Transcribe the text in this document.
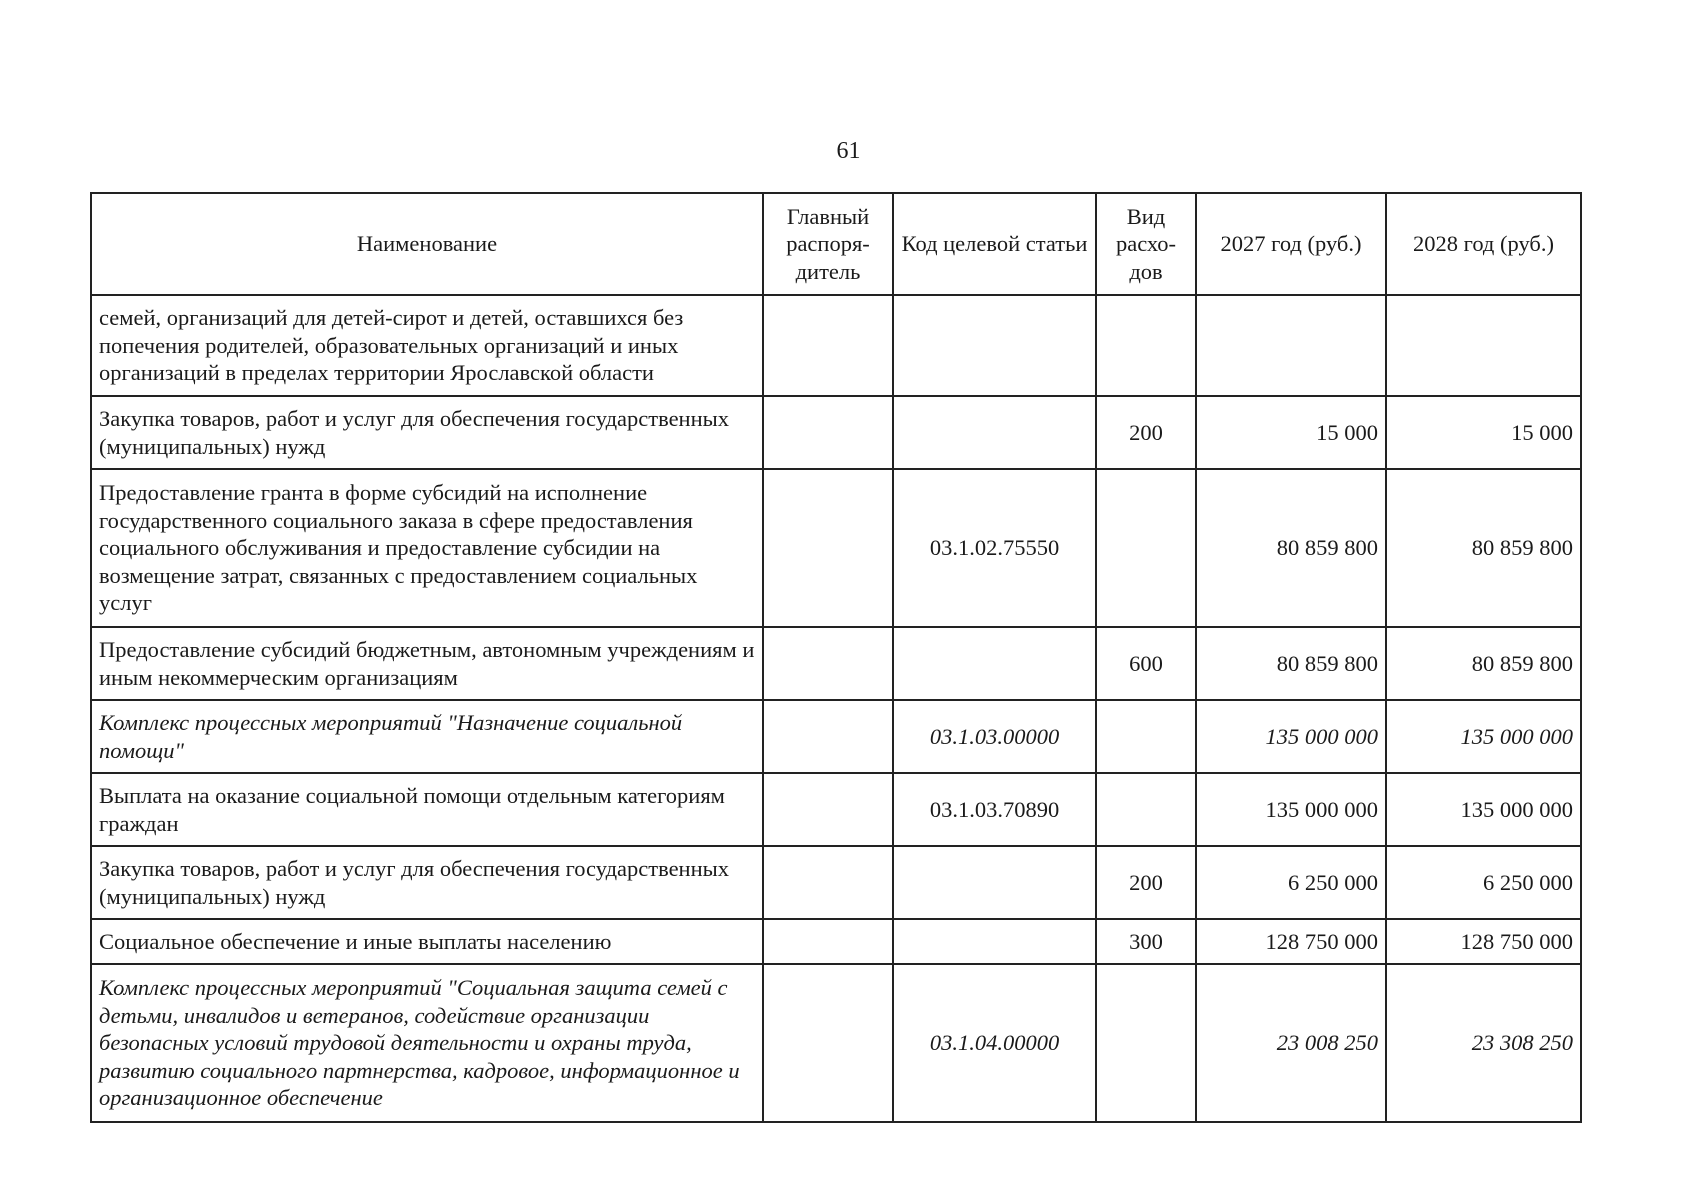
61
Наименование	Главный распоря-дитель	Код целевой статьи	Вид расхо-дов	2027 год (руб.)	2028 год (руб.)
семей, организаций для детей-сирот и детей, оставшихся без попечения родителей, образовательных организаций и иных организаций в пределах территории Ярославской области					
Закупка товаров, работ и услуг для обеспечения государственных (муниципальных) нужд			200	15 000	15 000
Предоставление гранта в форме субсидий на исполнение государственного социального заказа в сфере предоставления социального обслуживания и предоставление субсидии на возмещение затрат, связанных с предоставлением социальных услуг		03.1.02.75550		80 859 800	80 859 800
Предоставление субсидий бюджетным, автономным учреждениям и иным некоммерческим организациям			600	80 859 800	80 859 800
Комплекс процессных мероприятий "Назначение социальной помощи"		03.1.03.00000		135 000 000	135 000 000
Выплата на оказание социальной помощи отдельным категориям граждан		03.1.03.70890		135 000 000	135 000 000
Закупка товаров, работ и услуг для обеспечения государственных (муниципальных) нужд			200	6 250 000	6 250 000
Социальное обеспечение и иные выплаты населению			300	128 750 000	128 750 000
Комплекс процессных мероприятий "Социальная защита семей с детьми, инвалидов и ветеранов, содействие организации безопасных условий трудовой деятельности и охраны труда, развитию социального партнерства, кадровое, информационное и организационное обеспечение		03.1.04.00000		23 008 250	23 308 250
